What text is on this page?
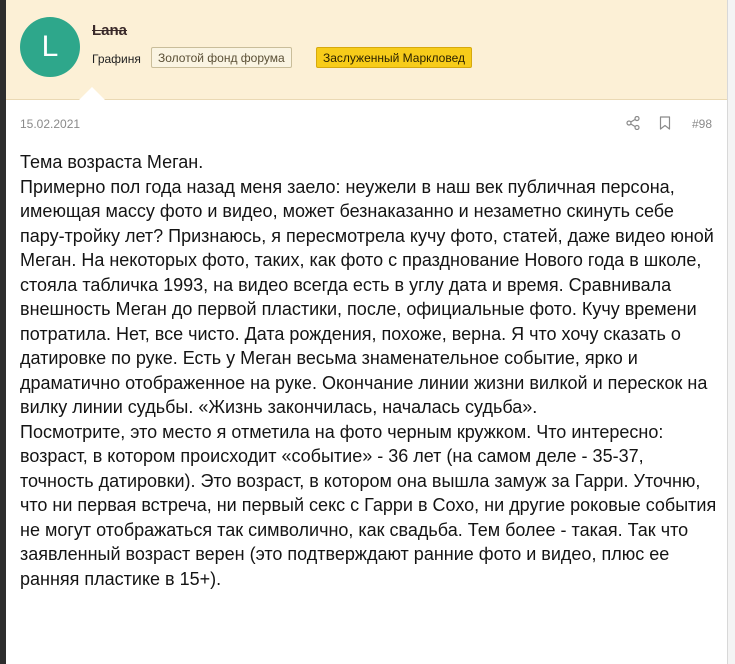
L	Lana
Графиня	Золотой фонд форума	Заслуженный Маркловед
15.02.2021	#98

Тема возраста Меган.

Примерно пол года назад меня заело: неужели в наш век публичная персона, имеющая массу фото и видео, может безнаказанно и незаметно скинуть себе пару-тройку лет? Признаюсь, я пересмотрела кучу фото, статей, даже видео юной Меган. На некоторых фото, таких, как фото с празднование Нового года в школе, стояла табличка 1993, на видео всегда есть в углу дата и время. Сравнивала внешность Меган до первой пластики, после, официальные фото. Кучу времени потратила. Нет, все чисто. Дата рождения, похоже, верна. Я что хочу сказать о датировке по руке. Есть у Меган весьма знаменательное событие, ярко и драматично отображенное на руке. Окончание линии жизни вилкой и перескок на вилку линии судьбы. «Жизнь закончилась, началась судьба».

Посмотрите, это место я отметила на фото черным кружком. Что интересно: возраст, в котором происходит «событие» - 36 лет (на самом деле - 35-37, точность датировки). Это возраст, в котором она вышла замуж за Гарри. Уточню, что ни первая встреча, ни первый секс с Гарри в Сохо, ни другие роковые события не могут отображаться так символично, как свадьба. Тем более - такая. Так что заявленный возраст верен (это подтверждают ранние фото и видео, плюс ее ранняя пластике в 15+).
